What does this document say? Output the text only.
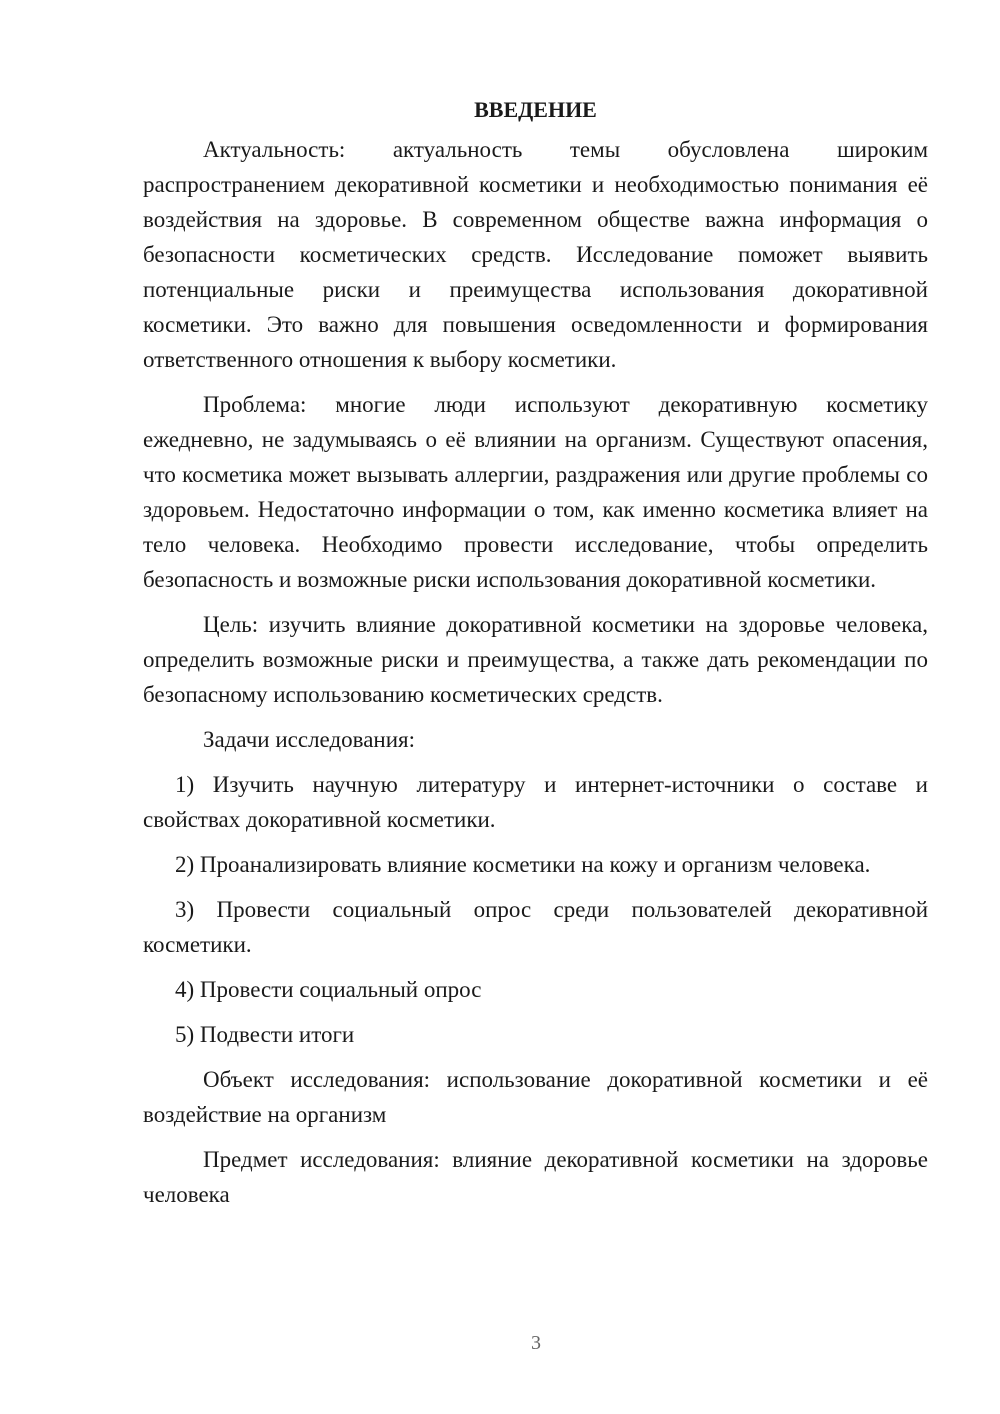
ВВЕДЕНИЕ

Актуальность: актуальность темы обусловлена широким распространением декоративной косметики и необходимостью понимания её воздействия на здоровье. В современном обществе важна информация о безопасности косметических средств. Исследование поможет выявить потенциальные риски и преимущества использования докоративной косметики. Это важно для повышения осведомленности и формирования ответственного отношения к выбору косметики.

Проблема: многие люди используют декоративную косметику ежедневно, не задумываясь о её влиянии на организм. Существуют опасения, что косметика может вызывать аллергии, раздражения или другие проблемы со здоровьем. Недостаточно информации о том, как именно косметика влияет на тело человека. Необходимо провести исследование, чтобы определить безопасность и возможные риски использования докоративной косметики.

Цель: изучить влияние докоративной косметики на здоровье человека, определить возможные риски и преимущества, а также дать рекомендации по безопасному использованию косметических средств.

Задачи исследования:

1) Изучить научную литературу и интернет-источники о составе и свойствах докоративной косметики.

2) Проанализировать влияние косметики на кожу и организм человека.

3) Провести социальный опрос среди пользователей декоративной косметики.

4) Провести социальный опрос

5) Подвести итоги

Объект исследования: использование докоративной косметики и её воздействие на организм

Предмет исследования: влияние декоративной косметики на здоровье человека

3
